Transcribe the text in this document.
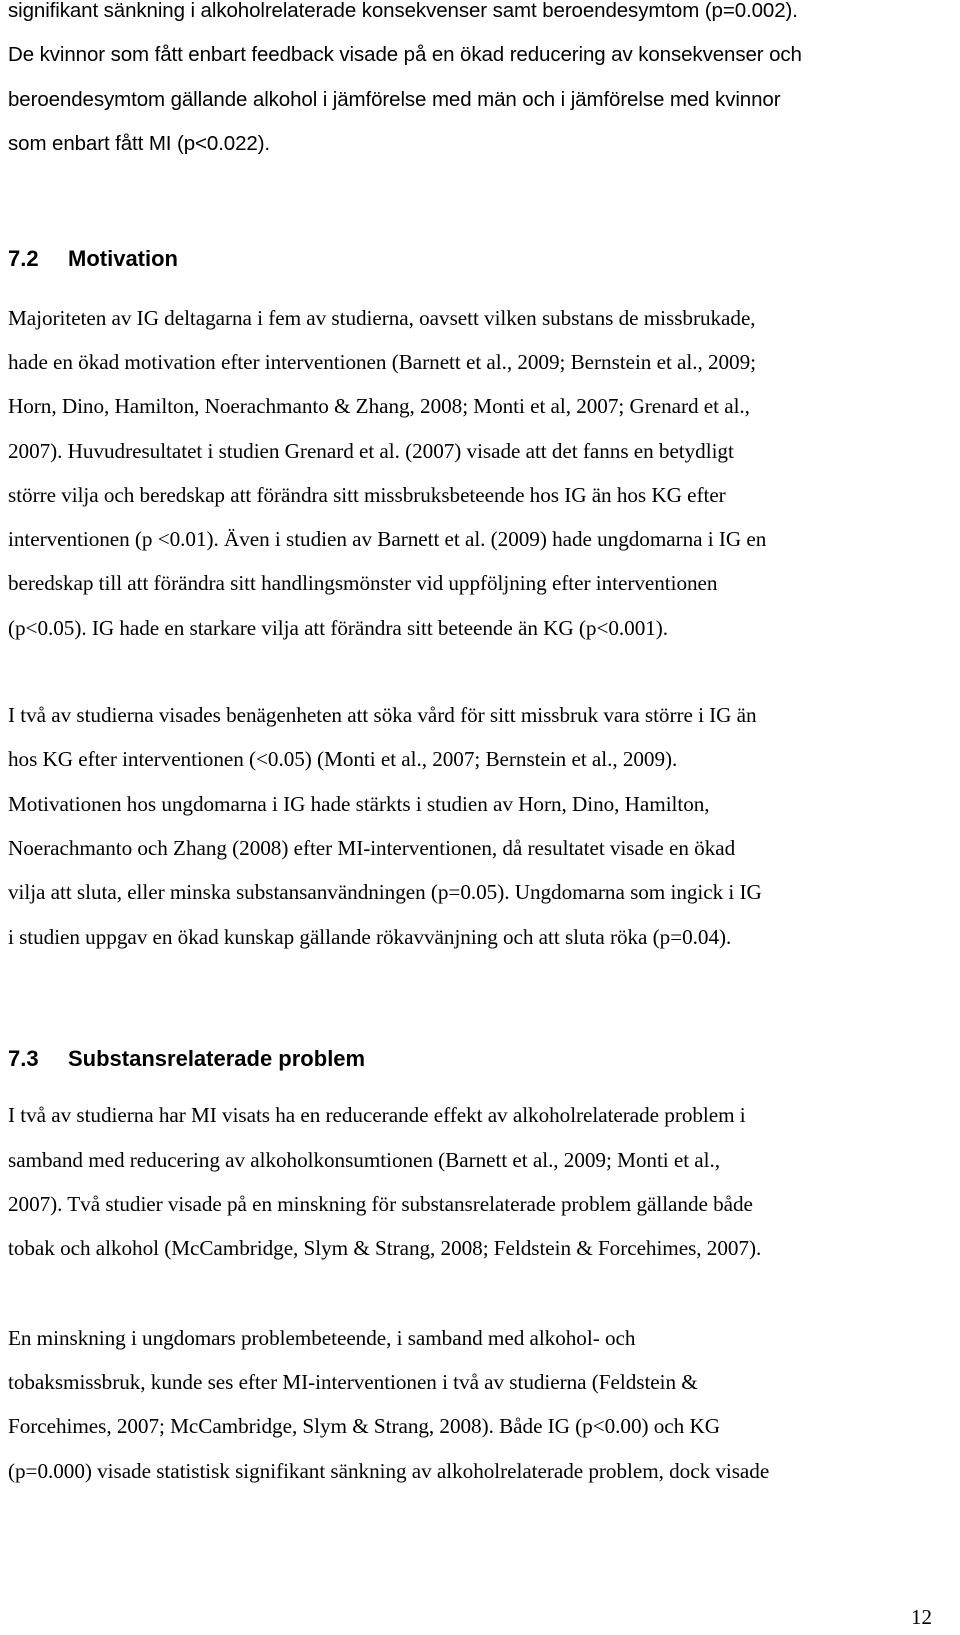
signifikant sänkning i alkoholrelaterade konsekvenser samt beroendesymtom (p=0.002).

De kvinnor som fått enbart feedback visade på en ökad reducering av konsekvenser och

beroendesymtom gällande alkohol i jämförelse med män och i jämförelse med kvinnor

som enbart fått MI (p<0.022).

7.2 Motivation

Majoriteten av IG deltagarna i fem av studierna, oavsett vilken substans de missbrukade,

hade en ökad motivation efter interventionen (Barnett et al., 2009; Bernstein et al., 2009;

Horn, Dino, Hamilton, Noerachmanto & Zhang, 2008; Monti et al, 2007; Grenard et al.,

2007). Huvudresultatet i studien Grenard et al. (2007) visade att det fanns en betydligt

större vilja och beredskap att förändra sitt missbruksbeteende hos IG än hos KG efter

interventionen (p <0.01). Även i studien av Barnett et al. (2009) hade ungdomarna i IG en

beredskap till att förändra sitt handlingsmönster vid uppföljning efter interventionen

(p<0.05). IG hade en starkare vilja att förändra sitt beteende än KG (p<0.001).

I två av studierna visades benägenheten att söka vård för sitt missbruk vara större i IG än

hos KG efter interventionen (<0.05) (Monti et al., 2007; Bernstein et al., 2009).

Motivationen hos ungdomarna i IG hade stärkts i studien av Horn, Dino, Hamilton,

Noerachmanto och Zhang (2008) efter MI-interventionen, då resultatet visade en ökad

vilja att sluta, eller minska substansanvändningen (p=0.05). Ungdomarna som ingick i IG

i studien uppgav en ökad kunskap gällande rökavvänjning och att sluta röka (p=0.04).

7.3 Substansrelaterade problem

I två av studierna har MI visats ha en reducerande effekt av alkoholrelaterade problem i

samband med reducering av alkoholkonsumtionen (Barnett et al., 2009; Monti et al.,

2007). Två studier visade på en minskning för substansrelaterade problem gällande både

tobak och alkohol (McCambridge, Slym & Strang, 2008; Feldstein & Forcehimes, 2007).

En minskning i ungdomars problembeteende, i samband med alkohol- och

tobaksmissbruk, kunde ses efter MI-interventionen i två av studierna (Feldstein &

Forcehimes, 2007; McCambridge, Slym & Strang, 2008). Både IG (p<0.00) och KG

(p=0.000) visade statistisk signifikant sänkning av alkoholrelaterade problem, dock visade

12
